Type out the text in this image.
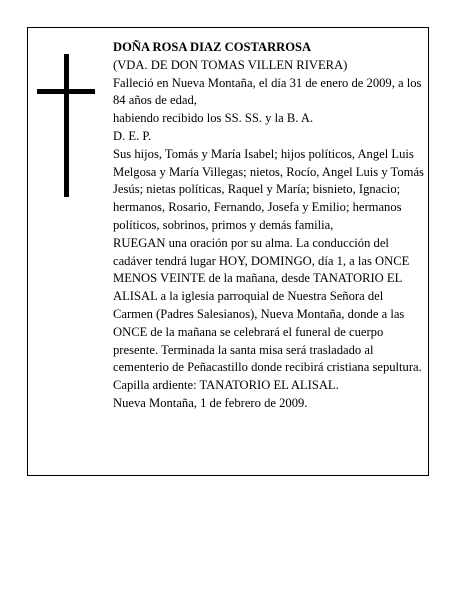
DOÑA ROSA DIAZ COSTARROSA
(VDA. DE DON TOMAS VILLEN RIVERA)
Falleció en Nueva Montaña, el día 31 de enero de 2009, a los 84 años de edad,
habiendo recibido los SS. SS. y la B. A.
D. E. P.
Sus hijos, Tomás y María Isabel; hijos políticos, Angel Luis Melgosa y María Villegas; nietos, Rocío, Angel Luis y Tomás Jesús; nietas políticas, Raquel y María; bisnieto, Ignacio; hermanos, Rosario, Fernando, Josefa y Emilio; hermanos políticos, sobrinos, primos y demás familia,
RUEGAN una oración por su alma. La conducción del cadáver tendrá lugar HOY, DOMINGO, día 1, a las ONCE MENOS VEINTE de la mañana, desde TANATORIO EL ALISAL a la iglesia parroquial de Nuestra Señora del Carmen (Padres Salesianos), Nueva Montaña, donde a las ONCE de la mañana se celebrará el funeral de cuerpo presente. Terminada la santa misa será trasladado al cementerio de Peñacastillo donde recibirá cristiana sepultura. Capilla ardiente: TANATORIO EL ALISAL.
Nueva Montaña, 1 de febrero de 2009.
